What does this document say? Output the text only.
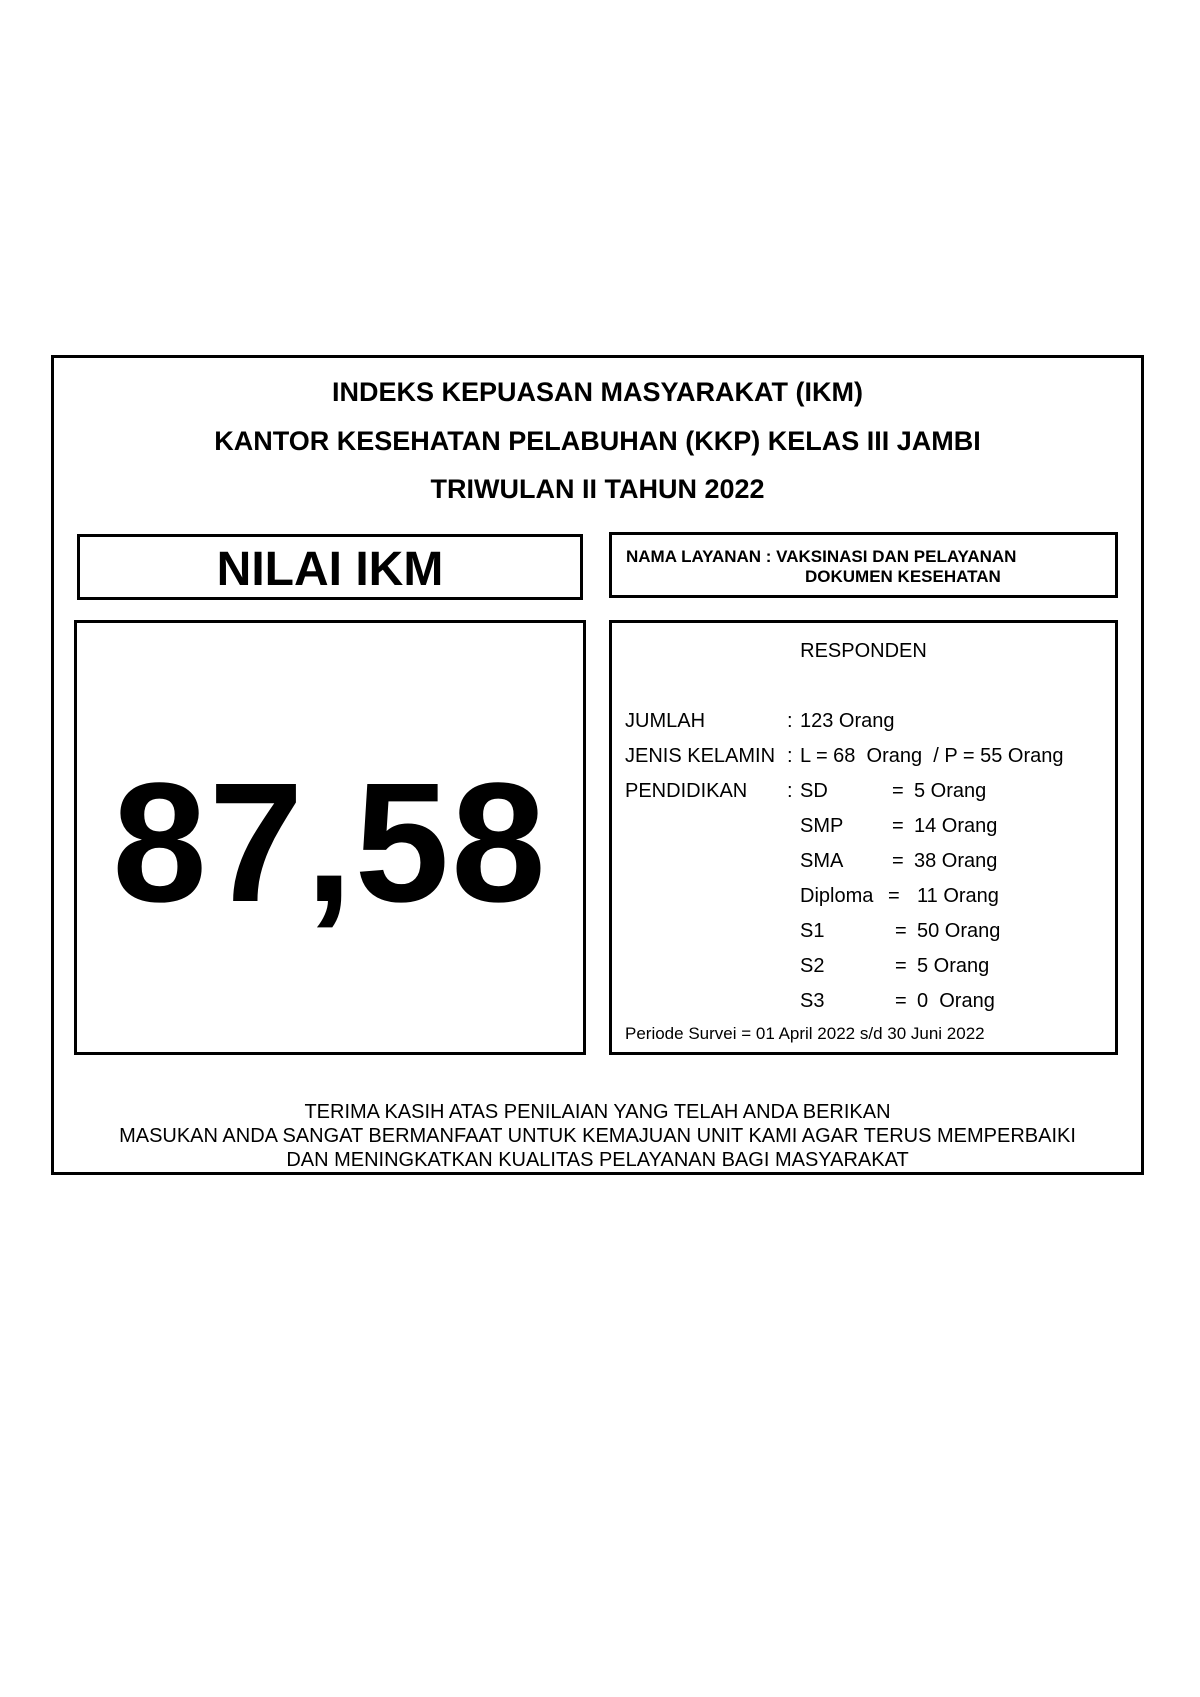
INDEKS KEPUASAN MASYARAKAT (IKM)
KANTOR KESEHATAN PELABUHAN (KKP) KELAS III JAMBI
TRIWULAN II TAHUN 2022
NILAI IKM	NAMA LAYANAN : VAKSINASI DAN PELAYANAN
DOKUMEN KESEHATAN
87,58
RESPONDEN
JUMLAH	: 123 Orang
JENIS KELAMIN : L = 68  Orang  / P = 55 Orang
PENDIDIKAN : SD	= 5 Orang
SMP = 14 Orang
SMA = 38 Orang
Diploma = 11 Orang
S1	= 50 Orang
S2	= 5 Orang
S3	= 0  Orang
Periode Survei = 01 April 2022 s/d 30 Juni 2022
TERIMA KASIH ATAS PENILAIAN YANG TELAH ANDA BERIKAN
MASUKAN ANDA SANGAT BERMANFAAT UNTUK KEMAJUAN UNIT KAMI AGAR TERUS MEMPERBAIKI
DAN MENINGKATKAN KUALITAS PELAYANAN BAGI MASYARAKAT
